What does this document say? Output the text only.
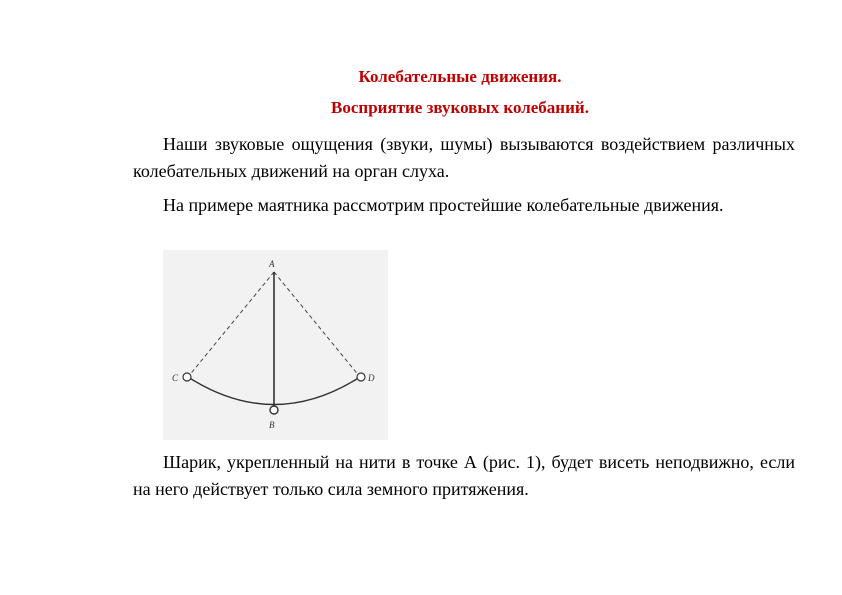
Колебательные движения.
Восприятие звуковых колебаний.
Наши звуковые ощущения (звуки, шумы) вызываются воздействием различных колебательных движений на орган слуха.
На примере маятника рассмотрим простейшие колебательные движения.
A
B
C	D
Шарик, укрепленный на нити в точке А (рис. 1), будет висеть неподвижно, если на него действует только сила земного притяжения.
